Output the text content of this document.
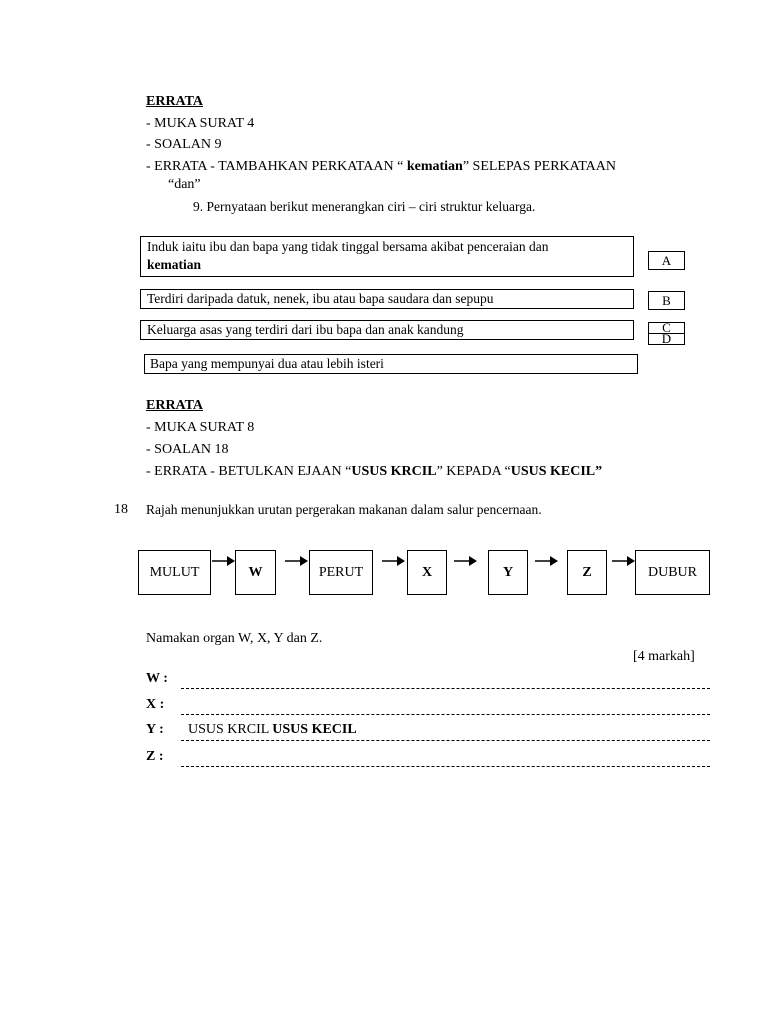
ERRATA
- MUKA SURAT 4
- SOALAN 9
- ERRATA - TAMBAHKAN PERKATAAN “ kematian” SELEPAS PERKATAAN
“dan”
9. Pernyataan berikut menerangkan ciri – ciri struktur keluarga.
Induk iaitu ibu dan bapa yang tidak tinggal bersama akibat penceraian dan
kematian
Terdiri daripada datuk, nenek, ibu atau bapa saudara dan sepupu
Keluarga asas yang terdiri dari ibu bapa dan anak kandung
Bapa yang mempunyai dua atau lebih isteri
A
B
C
D
ERRATA
- MUKA SURAT 8
- SOALAN 18
- ERRATA - BETULKAN EJAAN “USUS KRCIL” KEPADA “USUS KECIL”
18 Rajah menunjukkan urutan pergerakan makanan dalam salur pencernaan.
MULUT	W	PERUT	X	Y	Z	DUBUR
Namakan organ W, X, Y dan Z.
[4 markah]
W :
X :
Y : USUS KRCIL USUS KECIL
Z :
